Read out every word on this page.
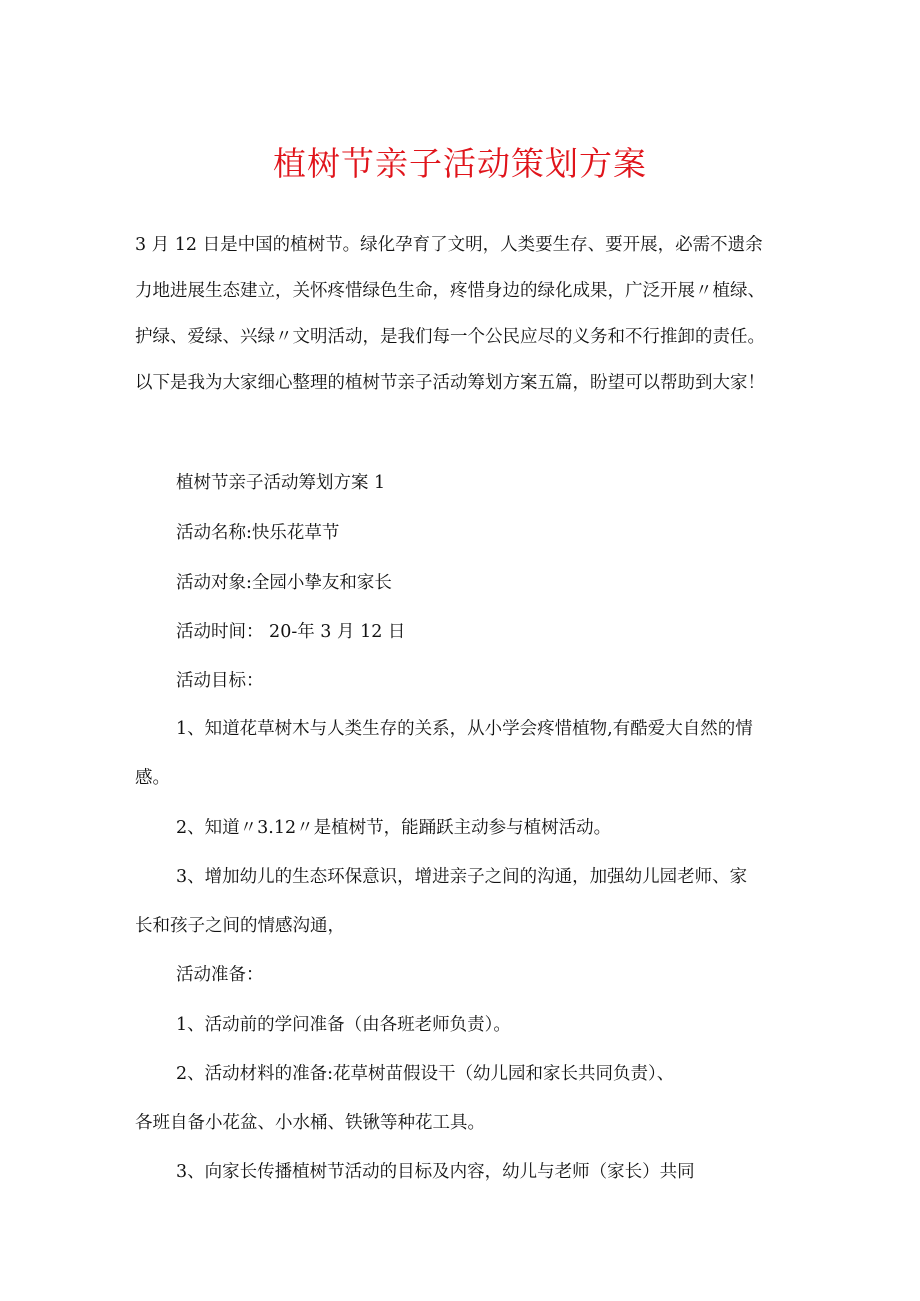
植树节亲子活动策划方案

3 月 12 日是中国的植树节。绿化孕育了文明，人类要生存、要开展，必需不遗余

力地进展生态建立，关怀疼惜绿色生命，疼惜身边的绿化成果，广泛开展〃植绿、

护绿、爱绿、兴绿〃文明活动，是我们每一个公民应尽的义务和不行推卸的责任。

以下是我为大家细心整理的植树节亲子活动筹划方案五篇，盼望可以帮助到大家！

植树节亲子活动筹划方案 1
活动名称:快乐花草节
活动对象:全园小挚友和家长
活动时间： 20-年 3 月 12 日
活动目标：
1、知道花草树木与人类生存的关系，从小学会疼惜植物,有酷爱大自然的情
感。
2、知道〃3.12〃是植树节，能踊跃主动参与植树活动。
3、增加幼儿的生态环保意识，增进亲子之间的沟通，加强幼儿园老师、家
长和孩子之间的情感沟通，
活动准备：
1、活动前的学问准备（由各班老师负责）。
2、活动材料的准备:花草树苗假设干（幼儿园和家长共同负责）、
各班自备小花盆、小水桶、铁锹等种花工具。
3、向家长传播植树节活动的目标及内容，幼儿与老师（家长）共同
